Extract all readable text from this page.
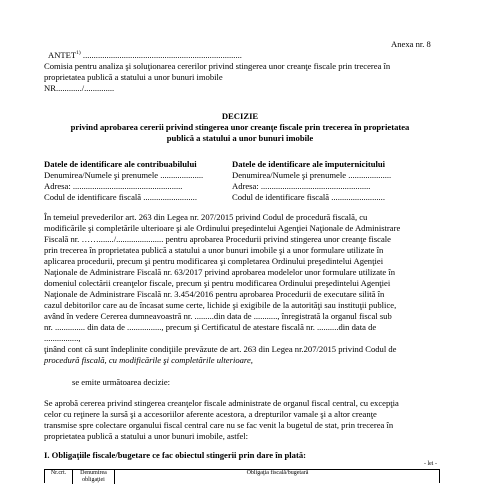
Anexa nr. 8
ANTET$^{1)}$ ..........................................................................

Comisia pentru analiza şi soluţionarea cererilor privind stingerea unor creanţe fiscale prin trecerea în

proprietatea publică a statului a unor bunuri imobile

NR............/..............

DECIZIE
privind aprobarea cererii privind stingerea unor creanţe fiscale prin trecerea în proprietatea
publică a statului a unor bunuri imobile

Datele de identificare ale contribuabilului

Denumirea/Numele şi prenumele ....................

Adresa: ...................................................

Codul de identificare fiscală .........................

Datele de identificare ale împuternicitului

Denumirea/Numele şi prenumele ....................

Adresa: ...................................................

Codul de identificare fiscală .........................

În temeiul prevederilor art. 263 din Legea nr. 207/2015 privind Codul de procedură fiscală, cu

modificările şi completările ulterioare şi ale Ordinului preşedintelui Agenţiei Naţionale de Administrare

Fiscală nr. ……......./...................... pentru aprobarea Procedurii privind stingerea unor creanţe fiscale

prin trecerea în proprietatea publică a statului a unor bunuri imobile şi a unor formulare utilizate în

aplicarea procedurii, precum şi pentru modificarea şi completarea Ordinului preşedintelui Agenţiei

Naţionale de Administrare Fiscală nr. 63/2017 privind aprobarea modelelor unor formulare utilizate în

domeniul colectării creanţelor fiscale, precum şi pentru modificarea Ordinului preşedintelui Agenţiei

Naţionale de Administrare Fiscală nr. 3.454/2016 pentru aprobarea Procedurii de executare silită în

cazul debitorilor care au de încasat sume certe, lichide şi exigibile de la autorităţi sau instituţii publice,

având în vedere Cererea dumneavoastră nr. .........din data de ..........., înregistrată la organul fiscal sub

nr. .............. din data de ................, precum şi Certificatul de atestare fiscală nr. ..........din data de

................,

ţinând cont că sunt îndeplinite condiţiile prevăzute de art. 263 din Legea nr.207/2015 privind Codul de

procedură fiscală, cu modificările şi completările ulterioare,

se emite următoarea decizie:

Se aprobă cererea privind stingerea creanţelor fiscale administrate de organul fiscal central, cu excepţia

celor cu reţinere la sursă şi a accesoriilor aferente acestora, a drepturilor vamale şi a altor creanţe

transmise spre colectare organului fiscal central care nu se fac venit la bugetul de stat, prin trecerea în

proprietatea publică a statului a unor bunuri imobile, astfel:

I. Obligaţiile fiscale/bugetare ce fac obiectul stingerii prin dare în plată:
- lei -
Nr.crt.	Denumirea obligaţiei
Obligaţia fiscală/bugetară
